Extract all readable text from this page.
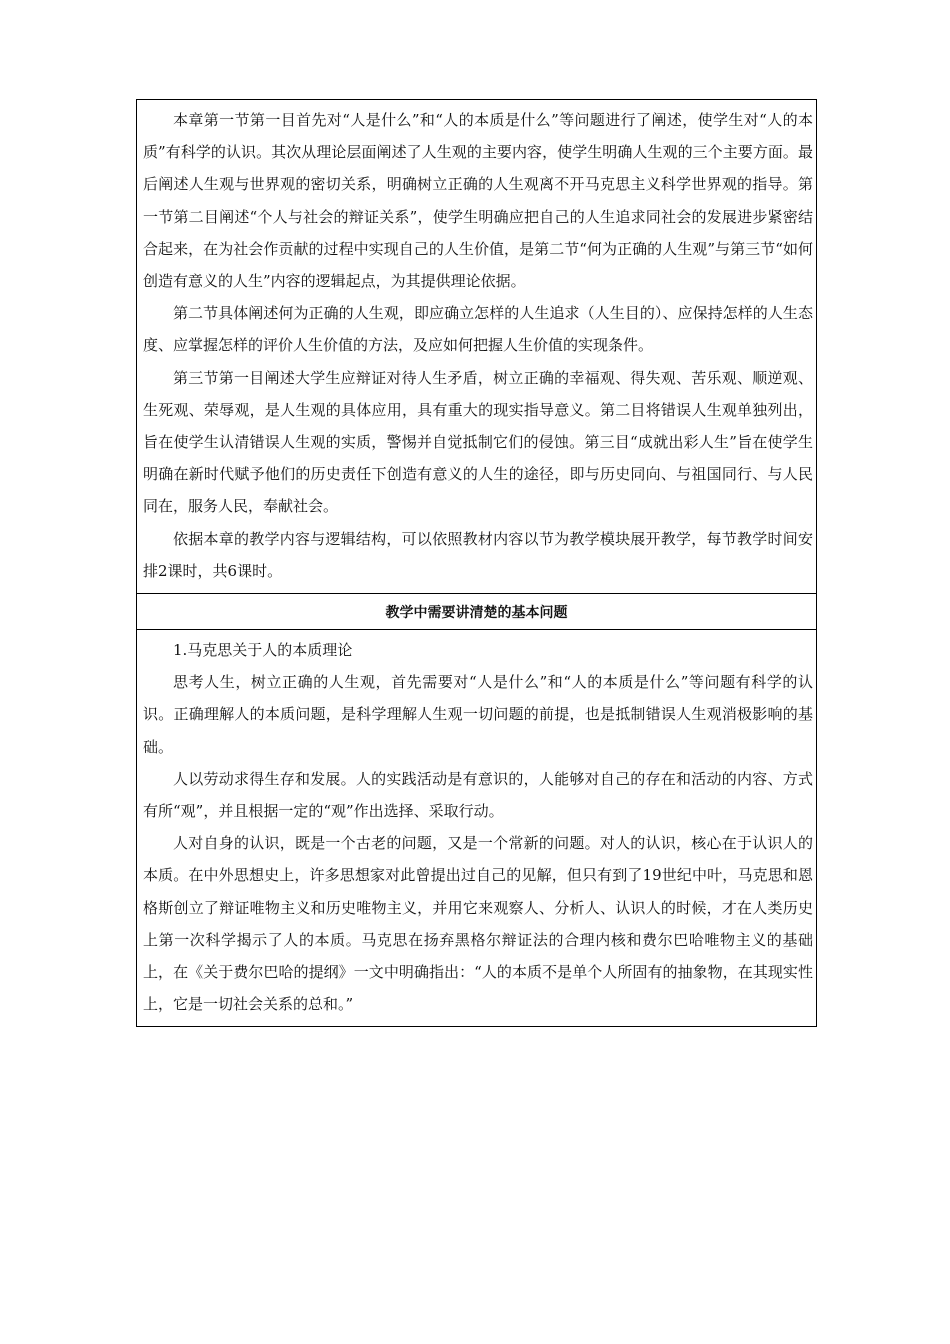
本章第一节第一目首先对“人是什么”和“人的本质是什么”等问题进行了阐述，使学生对“人的本质”有科学的认识。其次从理论层面阐述了人生观的主要内容，使学生明确人生观的三个主要方面。最后阐述人生观与世界观的密切关系，明确树立正确的人生观离不开马克思主义科学世界观的指导。第一节第二目阐述“个人与社会的辩证关系”，使学生明确应把自己的人生追求同社会的发展进步紧密结合起来，在为社会作贡献的过程中实现自己的人生价值，是第二节“何为正确的人生观”与第三节“如何创造有意义的人生”内容的逻辑起点，为其提供理论依据。

第二节具体阐述何为正确的人生观，即应确立怎样的人生追求（人生目的）、应保持怎样的人生态度、应掌握怎样的评价人生价值的方法，及应如何把握人生价值的实现条件。

第三节第一目阐述大学生应辩证对待人生矛盾，树立正确的幸福观、得失观、苦乐观、顺逆观、生死观、荣辱观，是人生观的具体应用，具有重大的现实指导意义。第二目将错误人生观单独列出，旨在使学生认清错误人生观的实质，警惕并自觉抵制它们的侵蚀。第三目“成就出彩人生”旨在使学生明确在新时代赋予他们的历史责任下创造有意义的人生的途径，即与历史同向、与祖国同行、与人民同在，服务人民，奉献社会。

依据本章的教学内容与逻辑结构，可以依照教材内容以节为教学模块展开教学，每节教学时间安排2课时，共6课时。

教学中需要讲清楚的基本问题

1.马克思关于人的本质理论

思考人生，树立正确的人生观，首先需要对“人是什么”和“人的本质是什么”等问题有科学的认识。正确理解人的本质问题，是科学理解人生观一切问题的前提，也是抵制错误人生观消极影响的基础。

人以劳动求得生存和发展。人的实践活动是有意识的，人能够对自己的存在和活动的内容、方式有所“观”，并且根据一定的“观”作出选择、采取行动。

人对自身的认识，既是一个古老的问题，又是一个常新的问题。对人的认识，核心在于认识人的本质。在中外思想史上，许多思想家对此曾提出过自己的见解，但只有到了19世纪中叶，马克思和恩格斯创立了辩证唯物主义和历史唯物主义，并用它来观察人、分析人、认识人的时候，才在人类历史上第一次科学揭示了人的本质。马克思在扬弃黑格尔辩证法的合理内核和费尔巴哈唯物主义的基础上，在《关于费尔巴哈的提纲》一文中明确指出：“人的本质不是单个人所固有的抽象物，在其现实性上，它是一切社会关系的总和。”
